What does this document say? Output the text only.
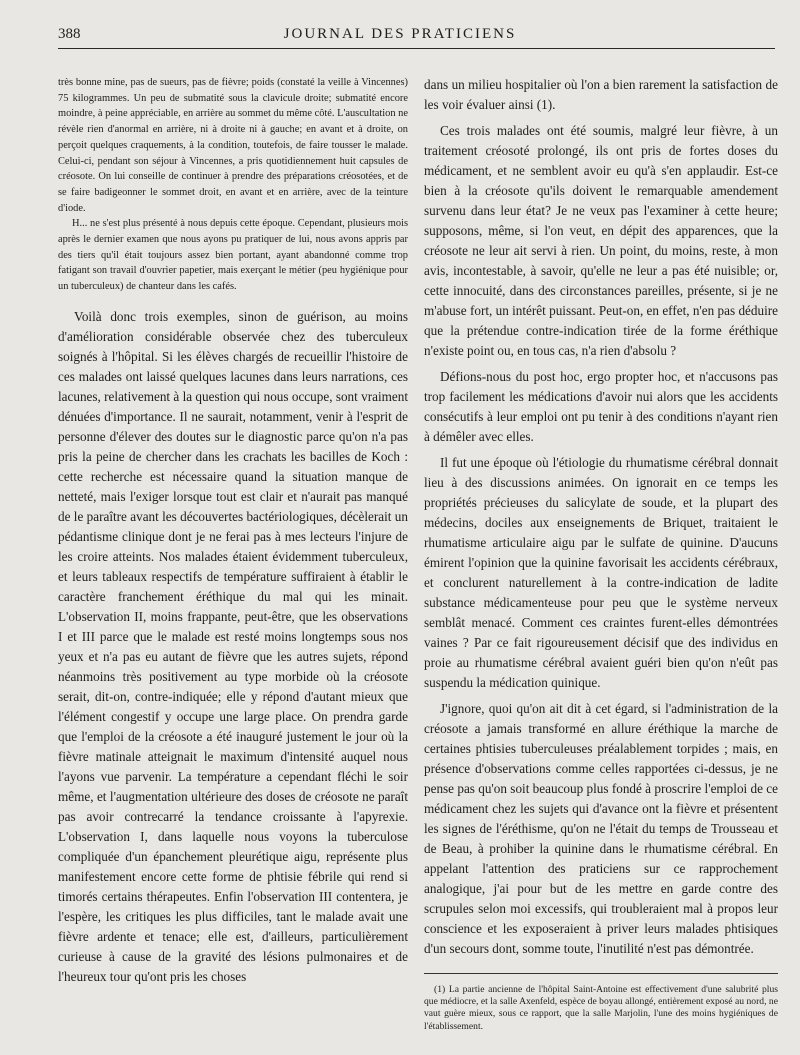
388	JOURNAL DES PRATICIENS

très bonne mine, pas de sueurs, pas de fièvre; poids (constaté la veille à Vincennes) 75 kilogrammes. Un peu de submatité sous la clavicule droite; submatité encore moindre, à peine appréciable, en arrière au sommet du même côté. L'auscultation ne révèle rien d'anormal en arrière, ni à droite ni à gauche; en avant et à droite, on perçoit quelques craquements, à la condition, toutefois, de faire tousser le malade. Celui-ci, pendant son séjour à Vincennes, a pris quotidiennement huit capsules de créosote. On lui conseille de continuer à prendre des préparations créosotées, et de se faire badigeonner le sommet droit, en avant et en arrière, avec de la teinture d'iode.

H... ne s'est plus présenté à nous depuis cette époque. Cependant, plusieurs mois après le dernier examen que nous ayons pu pratiquer de lui, nous avons appris par des tiers qu'il était toujours assez bien portant, ayant abandonné comme trop fatigant son travail d'ouvrier papetier, mais exerçant le métier (peu hygiénique pour un tuberculeux) de chanteur dans les cafés.

Voilà donc trois exemples, sinon de guérison, au moins d'amélioration considérable observée chez des tuberculeux soignés à l'hôpital. Si les élèves chargés de recueillir l'histoire de ces malades ont laissé quelques lacunes dans leurs narrations, ces lacunes, relativement à la question qui nous occupe, sont vraiment dénuées d'importance. Il ne saurait, notamment, venir à l'esprit de personne d'élever des doutes sur le diagnostic parce qu'on n'a pas pris la peine de chercher dans les crachats les bacilles de Koch : cette recherche est nécessaire quand la situation manque de netteté, mais l'exiger lorsque tout est clair et n'aurait pas manqué de le paraître avant les découvertes bactériologiques, décèlerait un pédantisme clinique dont je ne ferai pas à mes lecteurs l'injure de les croire atteints. Nos malades étaient évidemment tuberculeux, et leurs tableaux respectifs de température suffiraient à établir le caractère franchement éréthique du mal qui les minait. L'observation II, moins frappante, peut-être, que les observations I et III parce que le malade est resté moins longtemps sous nos yeux et n'a pas eu autant de fièvre que les autres sujets, répond néanmoins très positivement au type morbide où la créosote serait, dit-on, contre-indiquée; elle y répond d'autant mieux que l'élément congestif y occupe une large place. On prendra garde que l'emploi de la créosote a été inauguré justement le jour où la fièvre matinale atteignait le maximum d'intensité auquel nous l'ayons vue parvenir. La température a cependant fléchi le soir même, et l'augmentation ultérieure des doses de créosote ne paraît pas avoir contrecarré la tendance croissante à l'apyrexie. L'observation I, dans laquelle nous voyons la tuberculose compliquée d'un épanchement pleurétique aigu, représente plus manifestement encore cette forme de phtisie fébrile qui rend si timorés certains thérapeutes. Enfin l'observation III contentera, je l'espère, les critiques les plus difficiles, tant le malade avait une fièvre ardente et tenace; elle est, d'ailleurs, particulièrement curieuse à cause de la gravité des lésions pulmonaires et de l'heureux tour qu'ont pris les choses

dans un milieu hospitalier où l'on a bien rarement la satisfaction de les voir évaluer ainsi (1).

Ces trois malades ont été soumis, malgré leur fièvre, à un traitement créosoté prolongé, ils ont pris de fortes doses du médicament, et ne semblent avoir eu qu'à s'en applaudir. Est-ce bien à la créosote qu'ils doivent le remarquable amendement survenu dans leur état? Je ne veux pas l'examiner à cette heure; supposons, même, si l'on veut, en dépit des apparences, que la créosote ne leur ait servi à rien. Un point, du moins, reste, à mon avis, incontestable, à savoir, qu'elle ne leur a pas été nuisible; or, cette innocuité, dans des circonstances pareilles, présente, si je ne m'abuse fort, un intérêt puissant. Peut-on, en effet, n'en pas déduire que la prétendue contre-indication tirée de la forme éréthique n'existe point ou, en tous cas, n'a rien d'absolu ?

Défions-nous du post hoc, ergo propter hoc, et n'accusons pas trop facilement les médications d'avoir nui alors que les accidents consécutifs à leur emploi ont pu tenir à des conditions n'ayant rien à démêler avec elles.

Il fut une époque où l'étiologie du rhumatisme cérébral donnait lieu à des discussions animées. On ignorait en ce temps les propriétés précieuses du salicylate de soude, et la plupart des médecins, dociles aux enseignements de Briquet, traitaient le rhumatisme articulaire aigu par le sulfate de quinine. D'aucuns émirent l'opinion que la quinine favorisait les accidents cérébraux, et conclurent naturellement à la contre-indication de ladite substance médicamenteuse pour peu que le système nerveux semblât menacé. Comment ces craintes furent-elles démontrées vaines ? Par ce fait rigoureusement décisif que des individus en proie au rhumatisme cérébral avaient guéri bien qu'on n'eût pas suspendu la médication quinique.

J'ignore, quoi qu'on ait dit à cet égard, si l'administration de la créosote a jamais transformé en allure éréthique la marche de certaines phtisies tuberculeuses préalablement torpides ; mais, en présence d'observations comme celles rapportées ci-dessus, je ne pense pas qu'on soit beaucoup plus fondé à proscrire l'emploi de ce médicament chez les sujets qui d'avance ont la fièvre et présentent les signes de l'éréthisme, qu'on ne l'était du temps de Trousseau et de Beau, à prohiber la quinine dans le rhumatisme cérébral. En appelant l'attention des praticiens sur ce rapprochement analogique, j'ai pour but de les mettre en garde contre des scrupules selon moi excessifs, qui troubleraient mal à propos leur conscience et les exposeraient à priver leurs malades phtisiques d'un secours dont, somme toute, l'inutilité n'est pas démontrée.

(1) La partie ancienne de l'hôpital Saint-Antoine est effectivement d'une salubrité plus que médiocre, et la salle Axenfeld, espèce de boyau allongé, entièrement exposé au nord, ne vaut guère mieux, sous ce rapport, que la salle Marjolin, l'une des moins hygiéniques de l'établissement.
